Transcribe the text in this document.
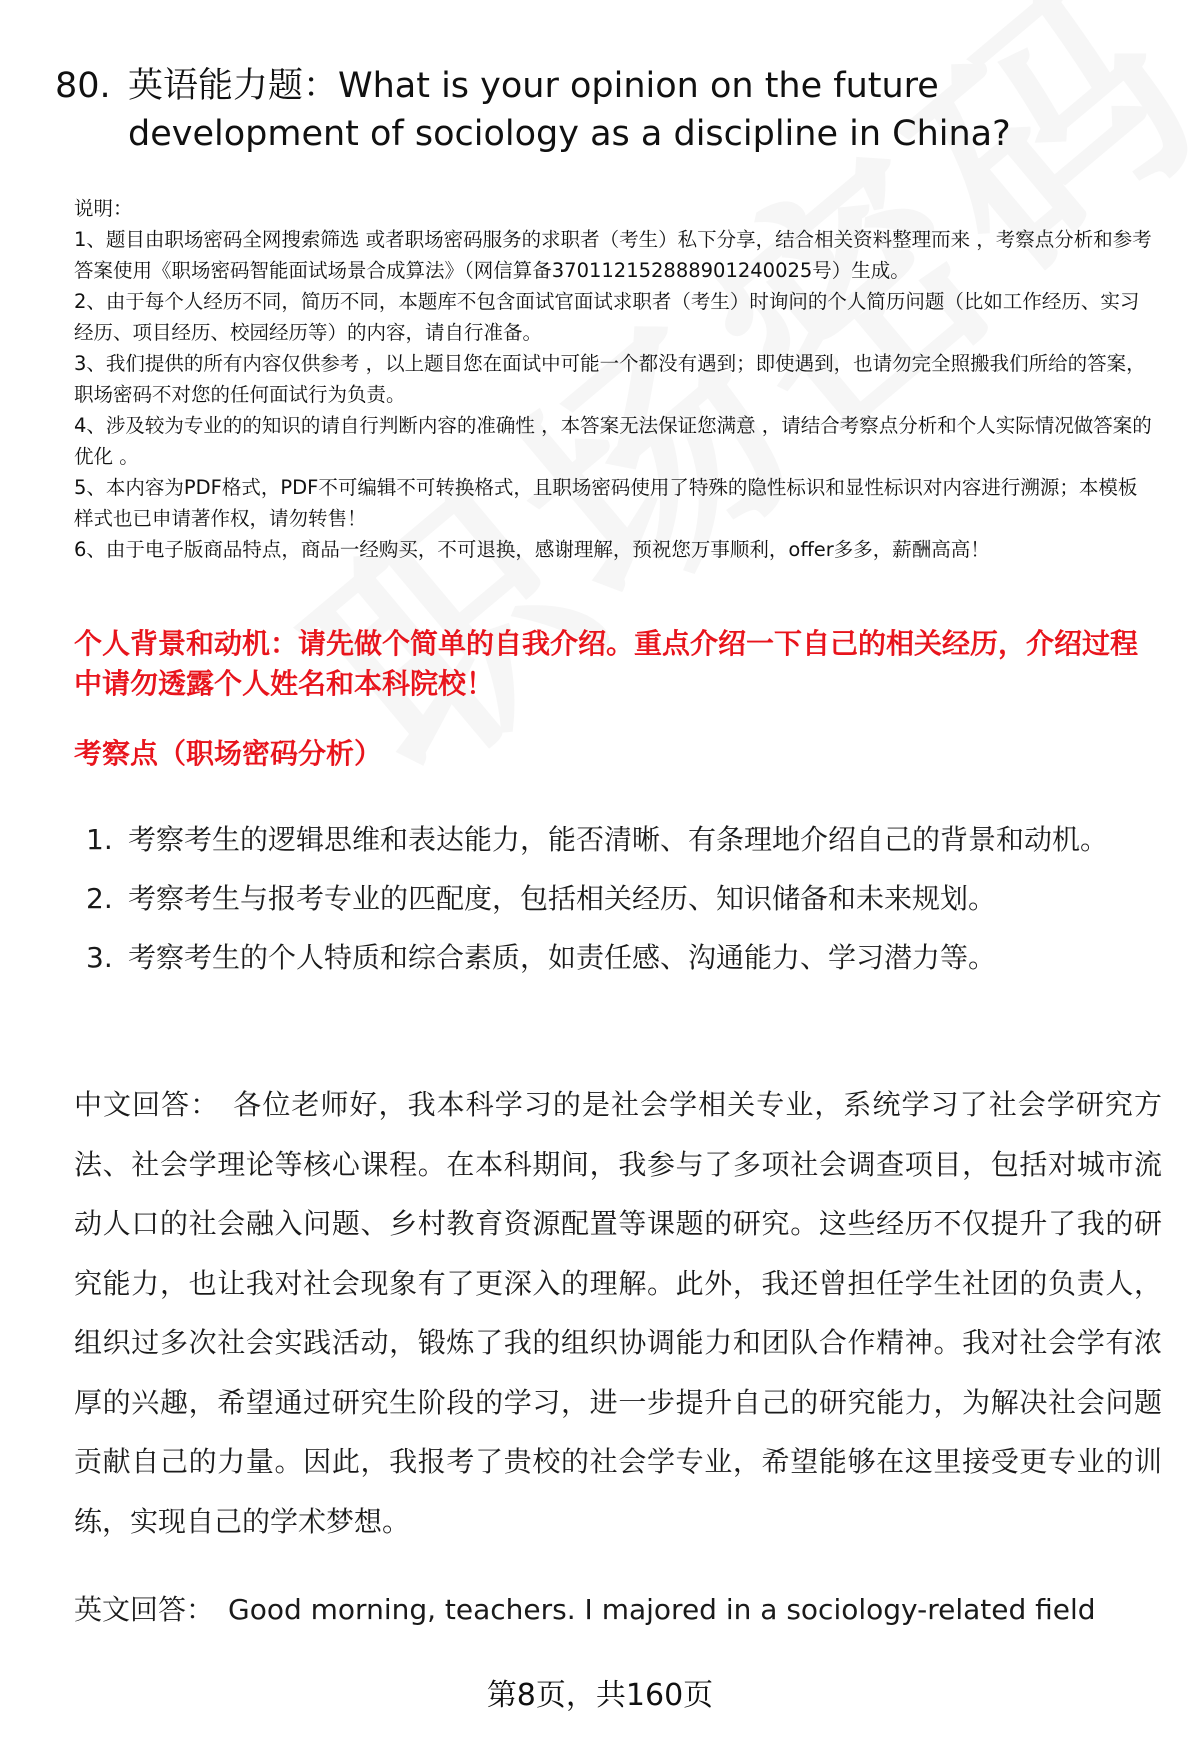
80. 英语能力题：What is your opinion on the future development of sociology as a discipline in China?

说明：

1、题目由职场密码全网搜索筛选 或者职场密码服务的求职者（考生）私下分享，结合相关资料整理而来 ，考察点分析和参考答案使用《职场密码智能面试场景合成算法》（网信算备370112152888901240025号）生成。

2、由于每个人经历不同，简历不同，本题库不包含面试官面试求职者（考生）时询问的个人简历问题（比如工作经历、实习经历、项目经历、校园经历等）的内容，请自行准备。

3、我们提供的所有内容仅供参考 ，以上题目您在面试中可能一个都没有遇到；即使遇到，也请勿完全照搬我们所给的答案，职场密码不对您的任何面试行为负责。

4、涉及较为专业的的知识的请自行判断内容的准确性 ，本答案无法保证您满意 ，请结合考察点分析和个人实际情况做答案的优化 。

5、本内容为PDF格式，PDF不可编辑不可转换格式，且职场密码使用了特殊的隐性标识和显性标识对内容进行溯源；本模板样式也已申请著作权，请勿转售！

6、由于电子版商品特点，商品一经购买，不可退换，感谢理解，预祝您万事顺利，offer多多，薪酬高高！

个人背景和动机：请先做个简单的自我介绍。重点介绍一下自己的相关经历，介绍过程中请勿透露个人姓名和本科院校！
考察点（职场密码分析）
1. 考察考生的逻辑思维和表达能力，能否清晰、有条理地介绍自己的背景和动机。
2. 考察考生与报考专业的匹配度，包括相关经历、知识储备和未来规划。
3. 考察考生的个人特质和综合素质，如责任感、沟通能力、学习潜力等。

中文回答： 各位老师好，我本科学习的是社会学相关专业，系统学习了社会学研究方法、社会学理论等核心课程。在本科期间，我参与了多项社会调查项目，包括对城市流动人口的社会融入问题、乡村教育资源配置等课题的研究。这些经历不仅提升了我的研究能力，也让我对社会现象有了更深入的理解。此外，我还曾担任学生社团的负责人，组织过多次社会实践活动，锻炼了我的组织协调能力和团队合作精神。我对社会学有浓厚的兴趣，希望通过研究生阶段的学习，进一步提升自己的研究能力，为解决社会问题贡献自己的力量。因此，我报考了贵校的社会学专业，希望能够在这里接受更专业的训练，实现自己的学术梦想。

英文回答： Good morning, teachers. I majored in a sociology-related field

第8页，共160页
